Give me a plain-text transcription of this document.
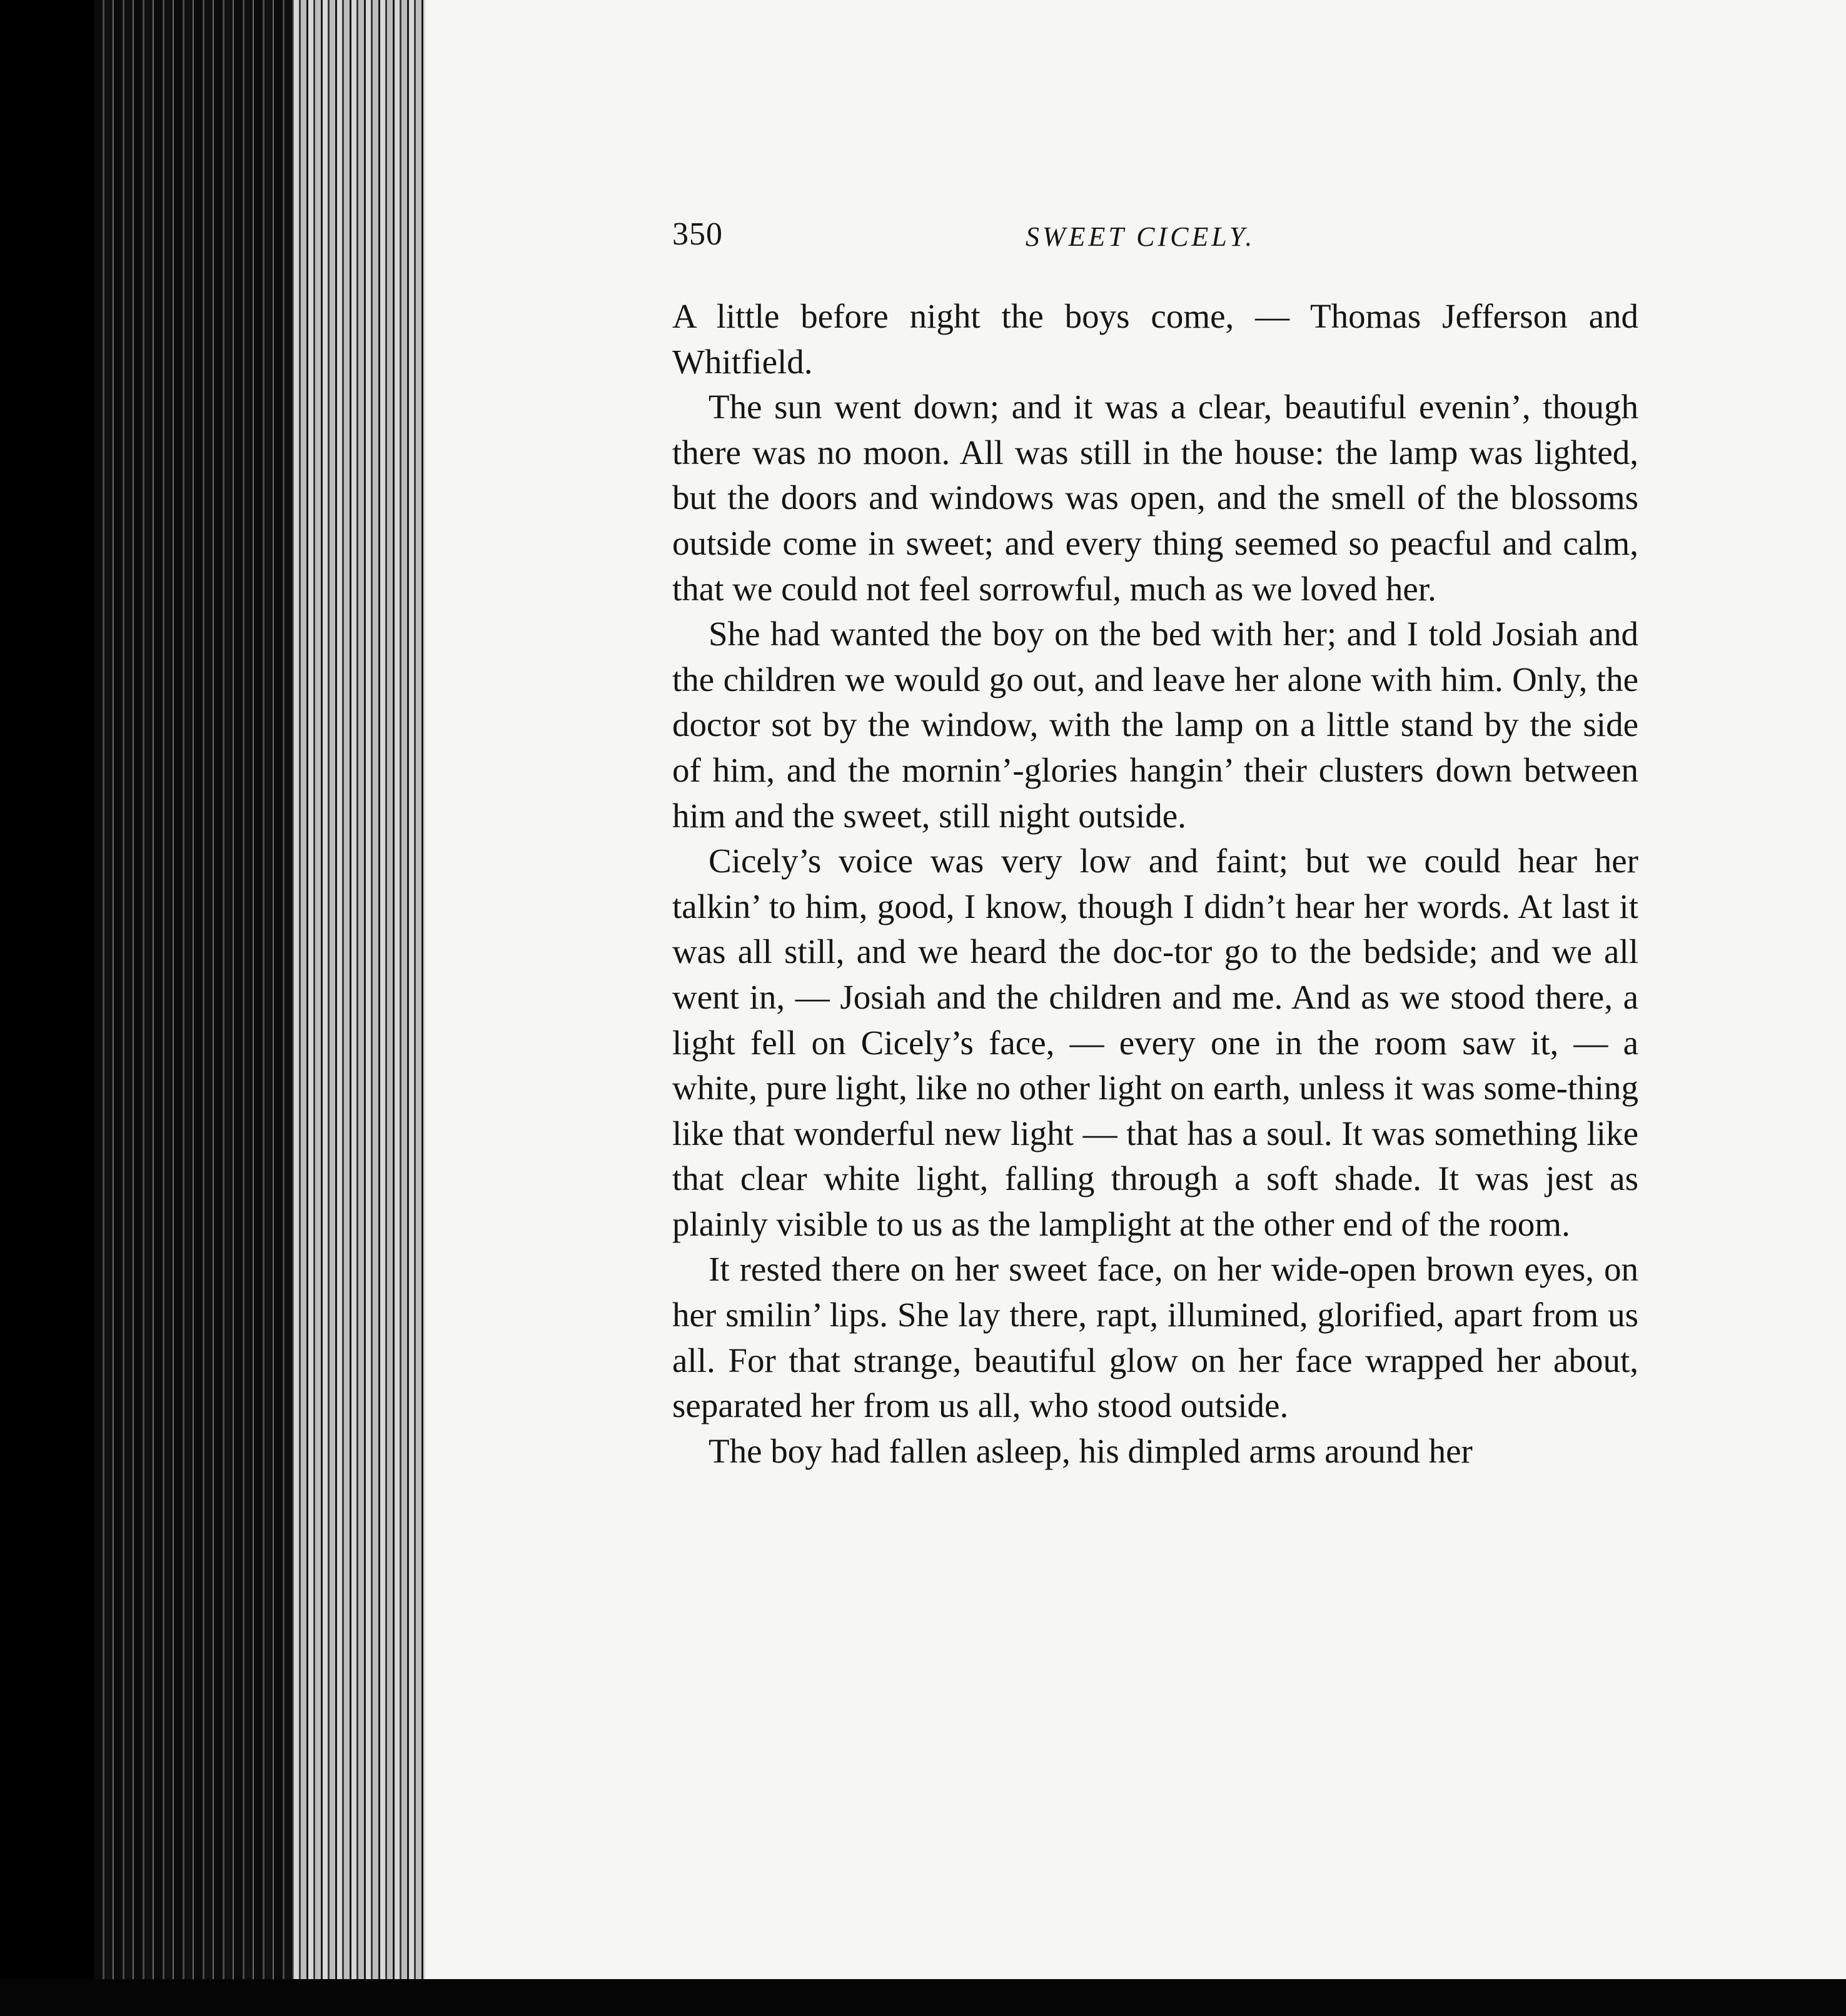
350	SWEET CICELY.

A little before night the boys come, — Thomas Jefferson and Whitfield.

The sun went down; and it was a clear, beautiful evenin’, though there was no moon. All was still in the house: the lamp was lighted, but the doors and windows was open, and the smell of the blossoms outside come in sweet; and every thing seemed so peacful and calm, that we could not feel sorrowful, much as we loved her.

She had wanted the boy on the bed with her; and I told Josiah and the children we would go out, and leave her alone with him. Only, the doctor sot by the window, with the lamp on a little stand by the side of him, and the mornin’-glories hangin’ their clusters down between him and the sweet, still night outside.

Cicely’s voice was very low and faint; but we could hear her talkin’ to him, good, I know, though I didn’t hear her words. At last it was all still, and we heard the doc-tor go to the bedside; and we all went in, — Josiah and the children and me. And as we stood there, a light fell on Cicely’s face, — every one in the room saw it, — a white, pure light, like no other light on earth, unless it was some-thing like that wonderful new light — that has a soul. It was something like that clear white light, falling through a soft shade. It was jest as plainly visible to us as the lamplight at the other end of the room.

It rested there on her sweet face, on her wide-open brown eyes, on her smilin’ lips. She lay there, rapt, illumined, glorified, apart from us all. For that strange, beautiful glow on her face wrapped her about, separated her from us all, who stood outside.

The boy had fallen asleep, his dimpled arms around her
